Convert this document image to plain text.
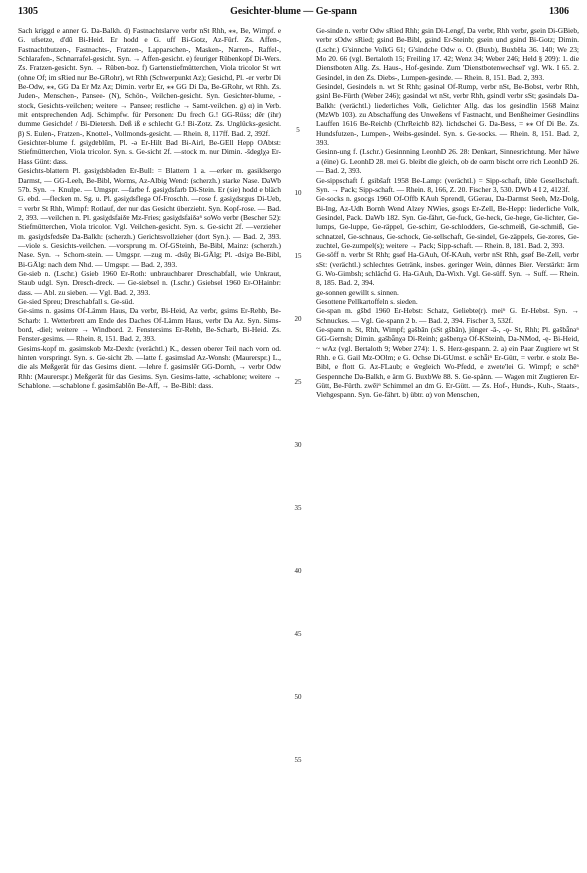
1305	Gesichter-blume — Ge-spann	1306

Sach kriggd e anner G. Da-Balkh. d) Fastnachtslarve verbr nSt Rhh, ⁎⁎, Be, Wimpf. e G. ufsetze, d'dū Bi-Heid. Er hodd e G. uff Bi-Gotz, Az-Fürf. Zs. Affen-, Fastnachtbutzen-, Fastnachts-, Fratzen-, Lapparschen-, Masken-, Narren-, Raffel-, Schlarafen-, Schnarrafel-gesicht. Syn. → Affen-gesicht. e) feuriger Rübenkopf Di-Wers. Zs. Fratzen-gesicht. Syn. → Rüben-boz. f) Gartenstiefmütterchen, Viola tricolor St wrt (ohne Of; im sRied nur Be-GRohr), wt Rhh (Schwerpunkt Az); Gesichd, Pl. -er verbr Di Be-Odw, ⁎⁎, GG Da Er Mz Az; Dimin. verbr Er, ⁎⁎ GG Di Da, Be-GRohr, wt Rhh. Zs. Juden-, Menschen-, Pansee- (N), Schön-, Veilchen-gesicht. Syn. Gesichter-blume, -stock, Gesichts-veilchen; weitere → Pansee; restliche → Samt-veilchen. g) α) in Verb. mit entsprechenden Adj. Schimpfw. für Personen: Du frech G.! GG-Rüss; dēr (ihr) dumme Gesichde! / Bi-Dietersh. Deß iß e schlecht G.! Bi-Zotz. Zs. Unglücks-gesicht. β) S. Eulen-, Fratzen-, Knottel-, Vollmonds-gesicht. — Rhein. 8, 117ff. Bad. 2, 392f.

Gesichter-blume f. gsiχdɐblūm, Pl. -ə Er-Hilt Bad Bi-Airl, Be-GEll Hepp OAbtst: Stiefmütterchen, Viola tricolor. Syn. s. Ge-sicht 2f. —stock m. nur Dimin. -šdeglχə Er-Hass Günt: dass.

Gesichts-blattern Pl. gəsiχdsblədɐn Er-Bull: = Blattern 1 a. —erker m. gəsiklsergo Darmst, — GG-Leeh, Be-Bibl, Worms, Az-Albig Wend: (scherzh.) starke Nase. DaWb 57b. Syn. → Knulpe. — Umgspr. —farbe f. gəsiχdsfarb Di-Stein. Er (sie) hodd e bläch G. ebd. —flecken m. Sg. u. Pl. gəsiχdsflegə Of-Froschh. —rose f. gəsiχdsrgus Di-Ueb, = verbr St Rhh, Wimpf: Rotlauf, der nur das Gesicht überzieht. Syn. Kopf-rose. — Bad. 2, 393. —veilchen n. Pl. gəsiχdsfaiδɐ Mz-Fries; gəsiχdsfaiδə⁶ soWo verbr (Bescher 52): Stiefmütterchen, Viola tricolor. Vgl. Veilchen-gesicht. Syn. s. Ge-sicht 2f. —verzieher m. gəsiχdsfɐdsēɐ Da-Balkh: (scherzh.) Gerichtsvollzieher (dort Syn.). — Bad. 2, 393. —viole s. Gesichts-veilchen. —vorsprung m. Of-GSteinh, Be-Bibl, Mainz: (scherzh.) Nase. Syn. → Schorn-stein. — Umgspr. —zug m. -dsūχ Bi-GÄlg; Pl. -dsiχə Be-Bibl, Bi-GÄlg: nach dem Nhd. — Umgspr. — Bad. 2, 393.

Ge-sieb n. (Lschr.) Gsieb 1960 Er-Roth: unbrauchbarer Dreschabfall, wie Unkraut, Staub udgl. Syn. Dresch-dreck. — Ge-siebsel n. (Lschr.) Gsiebsel 1960 Er-OHainbr: dass. — Abl. zu sieben. — Vgl. Bad. 2, 393.

Ge-sied Spreu; Dreschabfall s. Ge-süd.

Ge-sims n. gəsims Of-Lämm Haus, Da verbr, Bi-Heid, Az verbr, gsims Er-Rehb, Be-Scharb: 1. Wetterbrett am Ende des Daches Of-Lämm Haus, verbr Da Az. Syn. Sims-bord, -diel; weitere → Windbord. 2. Fenstersims Er-Rehb, Be-Scharb, Bi-Heid. Zs. Fenster-gesims. — Rhein. 8, 151. Bad. 2, 393.

Gesims-kopf m. gəsimskob Mz-Dexh: (verächtl.) K., dessen oberer Teil nach vorn od. hinten vorspringt. Syn. s. Ge-sicht 2b. —latte f. gəsimslad Az-Wonsh: (Maurerspr.) L., die als Meßgerät für das Gesims dient. —lehre f. gəsimslēr GG-Dornh, → verbr Odw Rhh: (Maurerspr.) Meßgerät für das Gesims. Syn. Gesims-latte, -schablone; weitere → Schablone. —schablone f. gəsimšablōn Be-Aff, → Be-Bibl: dass.

5
10
15
20
25
30
35
40
45
50
55

Ge-sinde n. verbr Odw sRied Rhh; gsin Di-Lengf, Da verbr, Rhh verbr, gsein Di-GBieb, verbr sOdw sRied; gsind Be-Bibl, gsind Er-Steinb; gsein und gsind Bi-Gotz; Dimin. (Lschr.) G'sinnche VolkG 61; G'sindche Odw o. O. (Buxb), BuxbHa 36. 140; We 23; Mo 20. 66 (vgl. Bertaloth 15; Freiling 17. 42; Wenz 34; Weber 246; Held § 209): 1. die Dienstboten Allg. Zs. Haus-, Hof-gesinde. Zum 'Dienstbotenwechsel' vgl. Wk. I 65. 2. Gesindel, in den Zs. Diebs-, Lumpen-gesinde. — Rhein. 8, 151. Bad. 2, 393.

Gesindel, Gesindels n. wt St Rhh; gəsinəl Of-Rump, verbr nSt, Be-Bobst, verbr Rhh, gsinl Be-Fürth (Weber 246); gəsindəl wt nSt, verbr Rhh, gsindl verbr sSt; gəsindəls Da-Balkh: (verächtl.) liederliches Volk, Gelichter Allg. das los gesindlin 1568 Mainz (MzWb 103). zu Abschaffung des Unweßens vf Fastnacht, und Benßheimer Gesindlins Lauffen 1616 Be-Reichb (ChrReichb 82). lichdschei G. Da-Bess, = ⁎⁎ Of Di Be. Zs. Hundsfutzen-, Lumpen-, Weibs-gesindel. Syn. s. Ge-socks. — Rhein. 8, 151. Bad. 2, 393.

Gesinn-ung f. (Lschr.) Gesinnning LeonhD 26. 28: Denkart, Sinnesrichtung. Mer häwe a (éine) G. LeonhD 28. mei G. bleibt die gleich, ob de oarm bischt orre rich LeonhD 26. — Bad. 2, 393.

Ge-sippschaft f. gsibšaft 1958 Be-Lamp: (verächtl.) = Sipp-schaft, üble Gesellschaft. Syn. → Pack; Sipp-schaft. — Rhein. 8, 166, Z. 20. Fischer 3, 530. DWb 4 I 2, 4123f.

Ge-socks n. gsocgs 1960 Of-Offb KAuh Sprendl, GGerau, Da-Darmst Seeh, Mz-Dolg, Bi-Ing, Az-Udh Bornh Wend Alzey NWies, gsogs Er-Zell, Be-Hepp: liederliche Volk, Gesindel, Pack. DaWb 182. Syn. Ge-fährt, Ge-fuck, Ge-heck, Ge-hege, Ge-lichter, Ge-lumps, Ge-luppe, Ge-räppel, Ge-schirr, Ge-schlodders, Ge-schmeiß, Ge-schmiß, Ge-schnatzel, Ge-schnaus, Ge-schock, Ge-sellschaft, Ge-sindel, Ge-zäppels, Ge-zores, Ge-zuchtel, Ge-zumpel(s); weitere → Pack; Sipp-schaft. — Rhein. 8, 181. Bad. 2, 393.

Ge-söff n. verbr St Rhh; gsøf Ha-GAuh, Of-KAuh, verbr nSt Rhh, gsøf Be-Zell, verbr sSt: (verächtl.) schlechtes Getränk, insbes. geringer Wein, dünnes Bier. Verstärkt: ārm G. Wo-Gimbsh; schläch̆d G. Ha-GAuh, Da-Wixh. Vgl. Ge-süff. Syn. → Suff. — Rhein. 8, 185. Bad. 2, 394.

ge-sonnen gewillt s. sinnen.

Gesottene Pellkartoffeln s. sieden.

Ge-span m. gšbd 1960 Er-Hebst: Schatz, Geliebte(r). mei⁶ G. Er-Hebst. Syn. → Schnuckes. — Vgl. Ge-spann 2 b. — Bad. 2, 394. Fischer 3, 532f.

Ge-spann n. St, Rhh, Wimpf; gəšbān (sSt gšbān), jünger -ā-, -ǫ- St, Rhh; Pl. gəšbǟnə⁶ GG-Gernsh; Dimin. gəšbǟnχə Di-Reinh; gəšbenχə Of-KSteinh, Da-NMod, -ę- Bi-Heid, ~ wAz (vgl. Bertaloth 9; Weber 274): 1. S. Herz-gespann. 2. a) ein Paar Zugtiere wt St Rhh. e G. Gail Mz-OOlm; e G. Ochse Di-GUmst. e schǟi⁶ Er-Gütt, = verbr. e stolz Be-Bibl, e flott G. Az-FLaub; e w̆ɐgleich Wo-Pfedd, e zwete'lei G. Wimpf; e schē⁶ Gespennche Da-Balkh, e ärm G. BuxbWe 88. S. Ge-spänn. — Wagen mit Zugtieren Er-Gütt, Be-Fürth. zwēi⁶ Schimmel an dm G. Er-Gütt. — Zs. Hof-, Hunds-, Kuh-, Staats-, Viehgespann. Syn. Ge-fährt. b) übtr. α) von Menschen,
